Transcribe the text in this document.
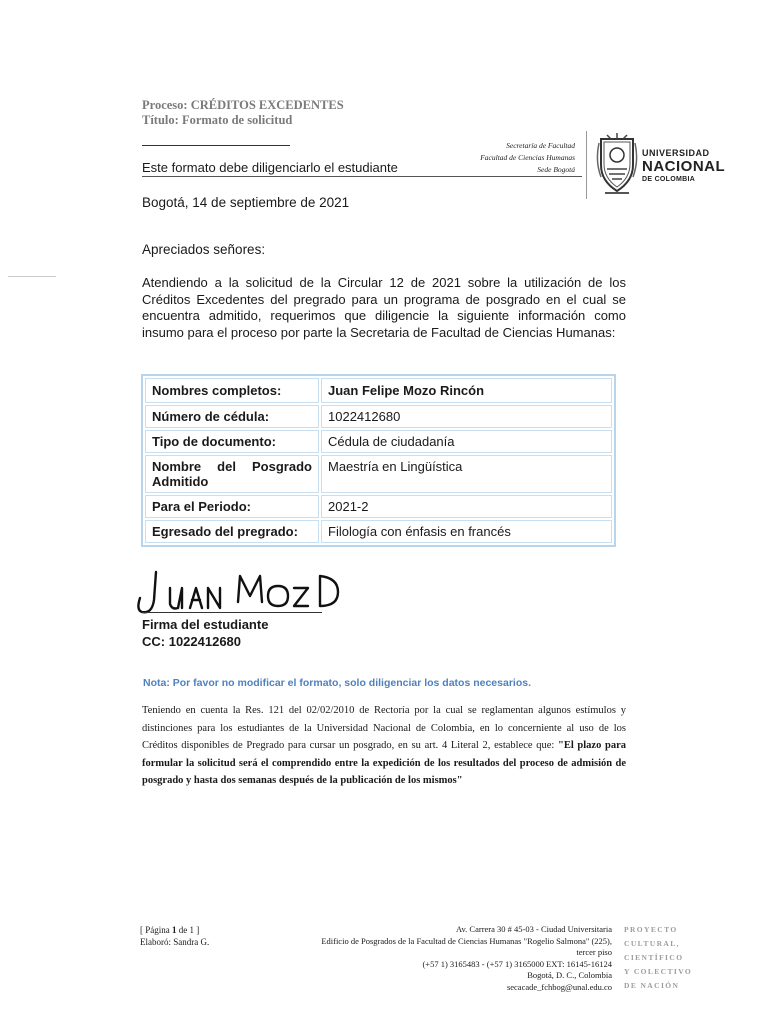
Proceso: CRÉDITOS EXCEDENTES
Título: Formato de solicitud
Este formato debe diligenciarlo el estudiante
Secretaría de Facultad
Facultad de Ciencias Humanas
Sede Bogotá
UNIVERSIDAD
NACIONAL
DE COLOMBIA
Bogotá, 14 de septiembre de 2021
Apreciados señores:
Atendiendo a la solicitud de la Circular 12 de 2021 sobre la utilización de los Créditos Excedentes del pregrado para un programa de posgrado en el cual se encuentra admitido, requerimos que diligencie la siguiente información como insumo para el proceso por parte la Secretaria de Facultad de Ciencias Humanas:
Nombres completos:	Juan Felipe Mozo Rincón
Número de cédula:	1022412680
Tipo de documento:	Cédula de ciudadanía

Nombre del Posgrado
Admitido	Maestría en Lingüística
Para el Periodo:	2021-2
Egresado del pregrado:	Filología con énfasis en francés
Firma del estudiante
CC: 1022412680
Nota: Por favor no modificar el formato, solo diligenciar los datos necesarios.
Teniendo en cuenta la Res. 121 del 02/02/2010 de Rectoría por la cual se reglamentan algunos estímulos y distinciones para los estudiantes de la Universidad Nacional de Colombia, en lo concerniente al uso de los Créditos disponibles de Pregrado para cursar un posgrado, en su art. 4 Literal 2, establece que: "El plazo para formular la solicitud será el comprendido entre la expedición de los resultados del proceso de admisión de posgrado y hasta dos semanas después de la publicación de los mismos"
[ Página 1 de 1 ]
Elaboró: Sandra G.
Av. Carrera 30 # 45-03 - Ciudad Universitaria
Edificio de Posgrados de la Facultad de Ciencias Humanas "Rogelio Salmona" (225),
tercer piso
(+57 1) 3165483 - (+57 1) 3165000 EXT: 16145-16124
Bogotá, D. C., Colombia
secacade_fchbog@unal.edu.co
PROYECTO
CULTURAL,
CIENTÍFICO
Y COLECTIVO
DE NACIÓN
